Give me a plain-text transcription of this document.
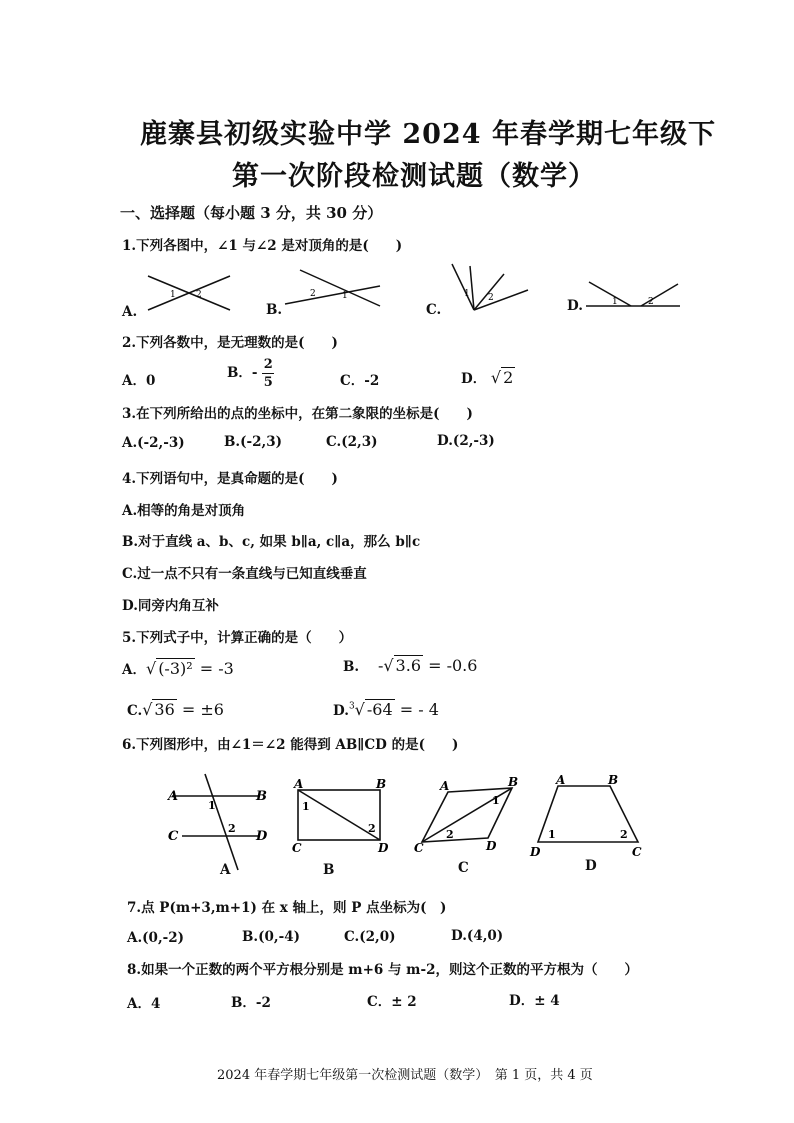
鹿寨县初级实验中学 2024 年春学期七年级下
第一次阶段检测试题（数学）
一、选择题（每小题 3 分，共 30 分）
1.下列各图中，∠1 与∠2 是对顶角的是(　　)
A.	B.	C.	D.
1 2	2	1	1 2	1	2
2.下列各数中，是无理数的是(　　)
A．0	B．- $\frac{2}{5}$	C．-2	D． √ 2
3.在下列所给出的点的坐标中，在第二象限的坐标是(　　)
A.(-2,-3)	B.(-2,3)	C.(2,3)	D.(2,-3)
4.下列语句中，是真命题的是(　　)
A.相等的角是对顶角
B.对于直线 a、b、c, 如果 b∥a, c∥a，那么 b∥c
C.过一点不只有一条直线与已知直线垂直
D.同旁内角互补
5.下列式子中，计算正确的是（　　）
A．√ (-3)² = -3	B. -√ 3.6 = -0.6
C.√ 36 = ±6	D.$^3$√ -64 = - 4
6.下列图形中，由∠1＝∠2 能得到 AB∥CD 的是(　　)
A	B
C	D
1
2
A
A	B
C	D
1
2
B
A	B
C	D
1
2
C
A	B
D	C
1	2
D
7.点 P(m+3,m+1) 在 x 轴上，则 P 点坐标为(　)
A.(0,-2)	B.(0,-4)	C.(2,0)	D.(4,0)
8.如果一个正数的两个平方根分别是 m+6 与 m-2，则这个正数的平方根为（　　）
A．4	B．-2	C．± 2	D．± 4
2024 年春学期七年级第一次检测试题（数学）　第 1 页，共 4 页
